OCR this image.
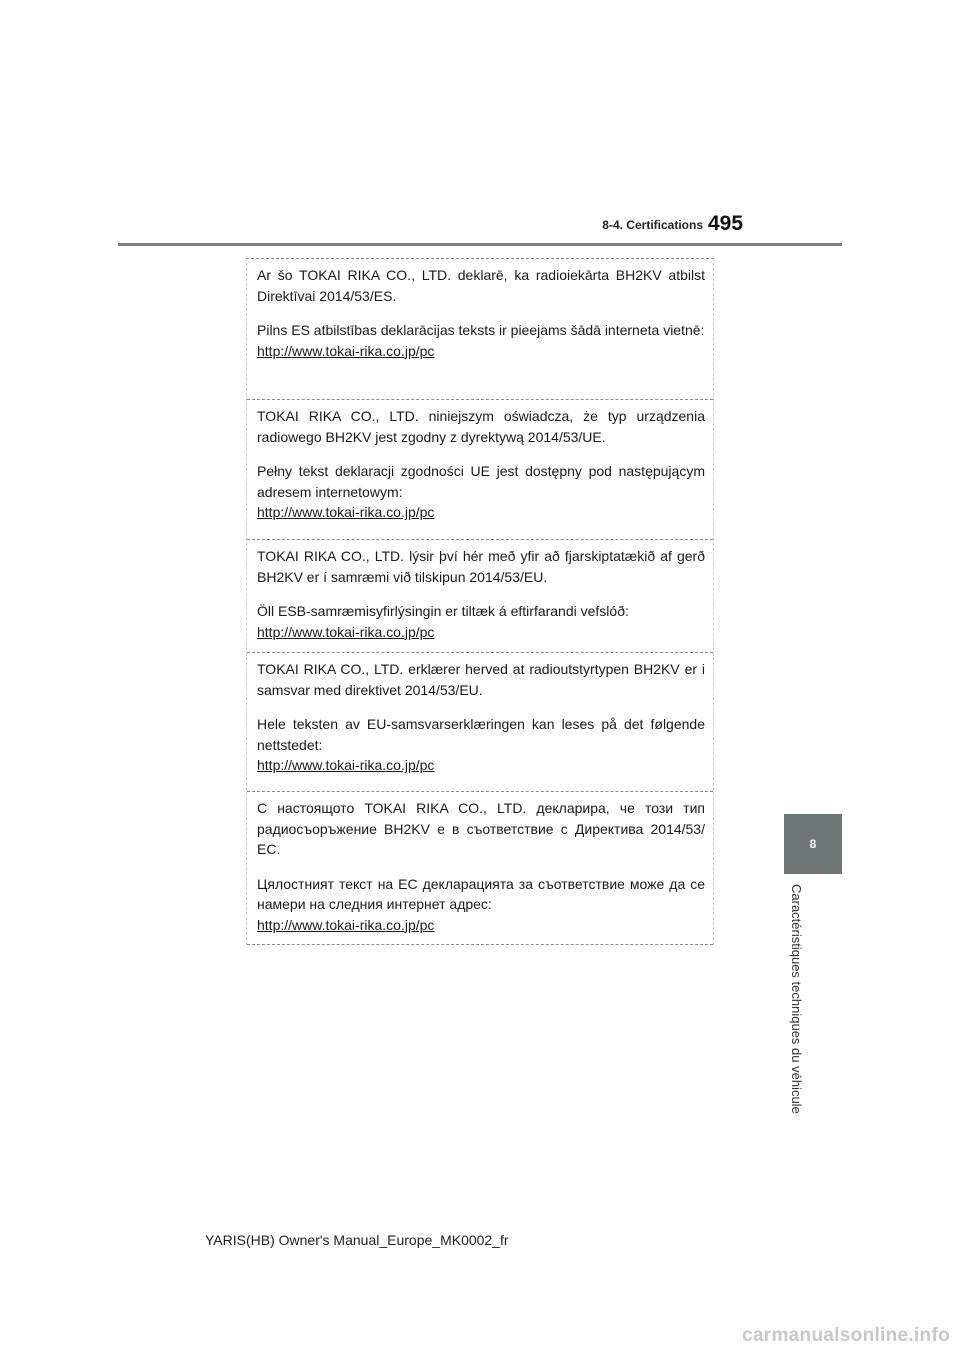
8-4. Certifications 495
8
Caractéristiques techniques du véhicule

Ar šo TOKAI RIKA CO., LTD. deklarē, ka radioiekārta BH2KV atbilst Direktīvai 2014/53/ES.

Pilns ES atbilstības deklarācijas teksts ir pieejams šādā interneta vietnē:

http://www.tokai-rika.co.jp/pc

TOKAI RIKA CO., LTD. niniejszym oświadcza, że typ urządzenia radiowego BH2KV jest zgodny z dyrektywą 2014/53/UE.

Pełny tekst deklaracji zgodności UE jest dostępny pod następującym adresem internetowym:

http://www.tokai-rika.co.jp/pc

TOKAI RIKA CO., LTD. lýsir því hér með yfir að fjarskiptatækið af gerð BH2KV er í samræmi við tilskipun 2014/53/EU.

Öll ESB-samræmisyfirlýsingin er tiltæk á eftirfarandi vefslóð:

http://www.tokai-rika.co.jp/pc

TOKAI RIKA CO., LTD. erklærer herved at radioutstyrtypen BH2KV er i samsvar med direktivet 2014/53/EU.

Hele teksten av EU-samsvarserklæringen kan leses på det følgende nettstedet:

http://www.tokai-rika.co.jp/pc

С настоящото TOKAI RIKA CO., LTD. декларира, че този тип радиосъоръжение BH2KV е в съответствие с Директива 2014/53/ЕС.

Цялостният текст на ЕС декларацията за съответствие може да се намери на следния интернет адрес:

http://www.tokai-rika.co.jp/pc
YARIS(HB) Owner's Manual_Europe_MK0002_fr
carmanualsonline.info
